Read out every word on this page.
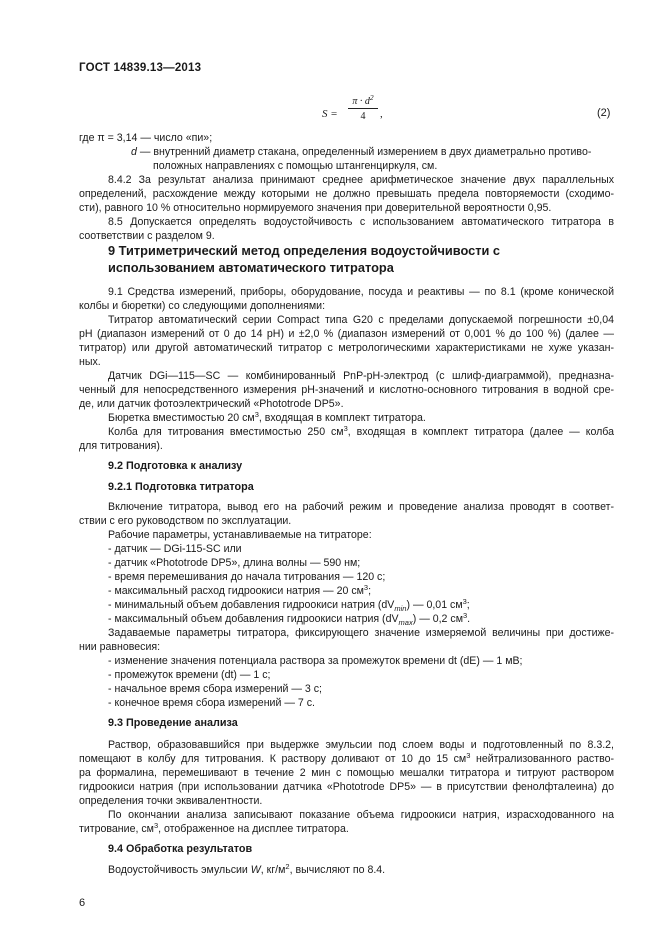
ГОСТ 14839.13—2013
$S = \frac{\pi \cdot d^2}{4}$ ,	(2)
где π = 3,14 — число «пи»;
d — внутренний диаметр стакана, определенный измерением в двух диаметрально противо-
положных направлениях с помощью штангенциркуля, см.
8.4.2 За результат анализа принимают среднее арифметическое значение двух параллельных
определений, расхождение между которыми не должно превышать предела повторяемости (сходимо-
сти), равного 10 % относительно нормируемого значения при доверительной вероятности 0,95.
8.5 Допускается определять водоустойчивость с использованием автоматического титратора в
соответствии с разделом 9.
9 Титриметрический метод определения водоустойчивости с
использованием автоматического титратора
9.1 Средства измерений, приборы, оборудование, посуда и реактивы — по 8.1 (кроме конической
колбы и бюретки) со следующими дополнениями:
Титратор автоматический серии Compact типа G20 с пределами допускаемой погрешности ±0,04
pH (диапазон измерений от 0 до 14 pH) и ±2,0 % (диапазон измерений от 0,001 % до 100 %) (далее —
титратор) или другой автоматический титратор с метрологическими характеристиками не хуже указан-
ных.
Датчик DGi—115—SC — комбинированный PnP-pH-электрод (с шлиф-диаграммой), предназна-
ченный для непосредственного измерения pH-значений и кислотно-основного титрования в водной сре-
де, или датчик фотоэлектрический «Phototrode DP5».
Бюретка вместимостью 20 $см^3$, входящая в комплект титратора.
Колба для титрования вместимостью 250 $см^3$, входящая в комплект титратора (далее — колба
для титрования).
9.2 Подготовка к анализу
9.2.1 Подготовка титратора
Включение титратора, вывод его на рабочий режим и проведение анализа проводят в соответ-
ствии с его руководством по эксплуатации.
Рабочие параметры, устанавливаемые на титраторе:
- датчик — DGi-115-SC или
- датчик «Phototrode DP5», длина волны — 590 нм;
- время перемешивания до начала титрования — 120 с;
- максимальный расход гидроокиси натрия — 20 $см^3$;
- минимальный объем добавления гидроокиси натрия $(dV_{min})$ — 0,01 $см^3$;
- максимальный объем добавления гидроокиси натрия $(dV_{max})$ — 0,2 $см^3$.
Задаваемые параметры титратора, фиксирующего значение измеряемой величины при достиже-
нии равновесия:
- изменение значения потенциала раствора за промежуток времени dt (dE) — 1 мВ;
- промежуток времени (dt) — 1 с;
- начальное время сбора измерений — 3 с;
- конечное время сбора измерений — 7 с.
9.3 Проведение анализа
Раствор, образовавшийся при выдержке эмульсии под слоем воды и подготовленный по 8.3.2,
помещают в колбу для титрования. К раствору доливают от 10 до 15 $см^3$ нейтрализованного раство-
ра формалина, перемешивают в течение 2 мин с помощью мешалки титратора и титруют раствором
гидроокиси натрия (при использовании датчика «Phototrode DP5» — в присутствии фенолфталеина) до
определения точки эквивалентности.
По окончании анализа записывают показание объема гидроокиси натрия, израсходованного на
титрование, $см^3$, отображенное на дисплее титратора.
9.4 Обработка результатов
Водоустойчивость эмульсии W, $кг/м^2$, вычисляют по 8.4.
6
